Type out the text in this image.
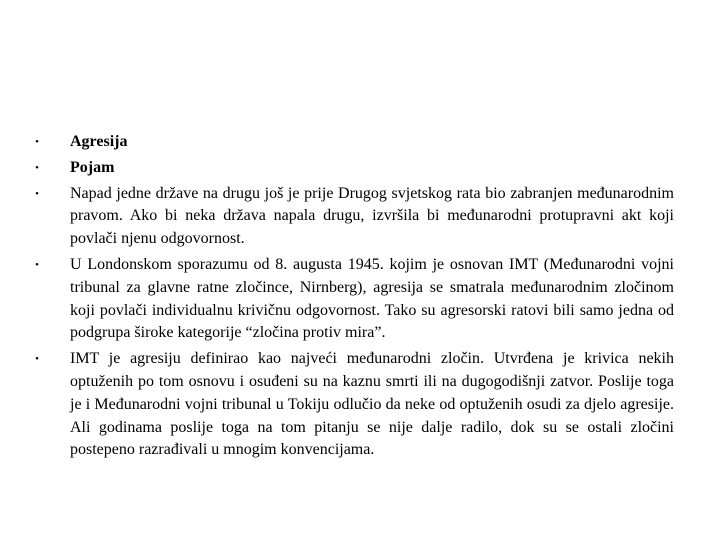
•	Agresija
•	Pojam
•	Napad jedne države na drugu još je prije Drugog svjetskog rata bio zabranjen međunarodnim pravom. Ako bi neka država napala drugu, izvršila bi međunarodni protupravni akt koji povlači njenu odgovornost.
•	U Londonskom sporazumu od 8. augusta 1945. kojim je osnovan IMT (Međunarodni vojni tribunal za glavne ratne zločince, Nirnberg), agresija se smatrala međunarodnim zločinom koji povlači individualnu krivičnu odgovornost. Tako su agresorski ratovi bili samo jedna od podgrupa široke kategorije “zločina protiv mira”.
•	IMT je agresiju definirao kao najveći međunarodni zločin. Utvrđena je krivica nekih optuženih po tom osnovu i osuđeni su na kaznu smrti ili na dugogodišnji zatvor. Poslije toga je i Međunarodni vojni tribunal u Tokiju odlučio da neke od optuženih osudi za djelo agresije. Ali godinama poslije toga na tom pitanju se nije dalje radilo, dok su se ostali zločini postepeno razrađivali u mnogim konvencijama.
